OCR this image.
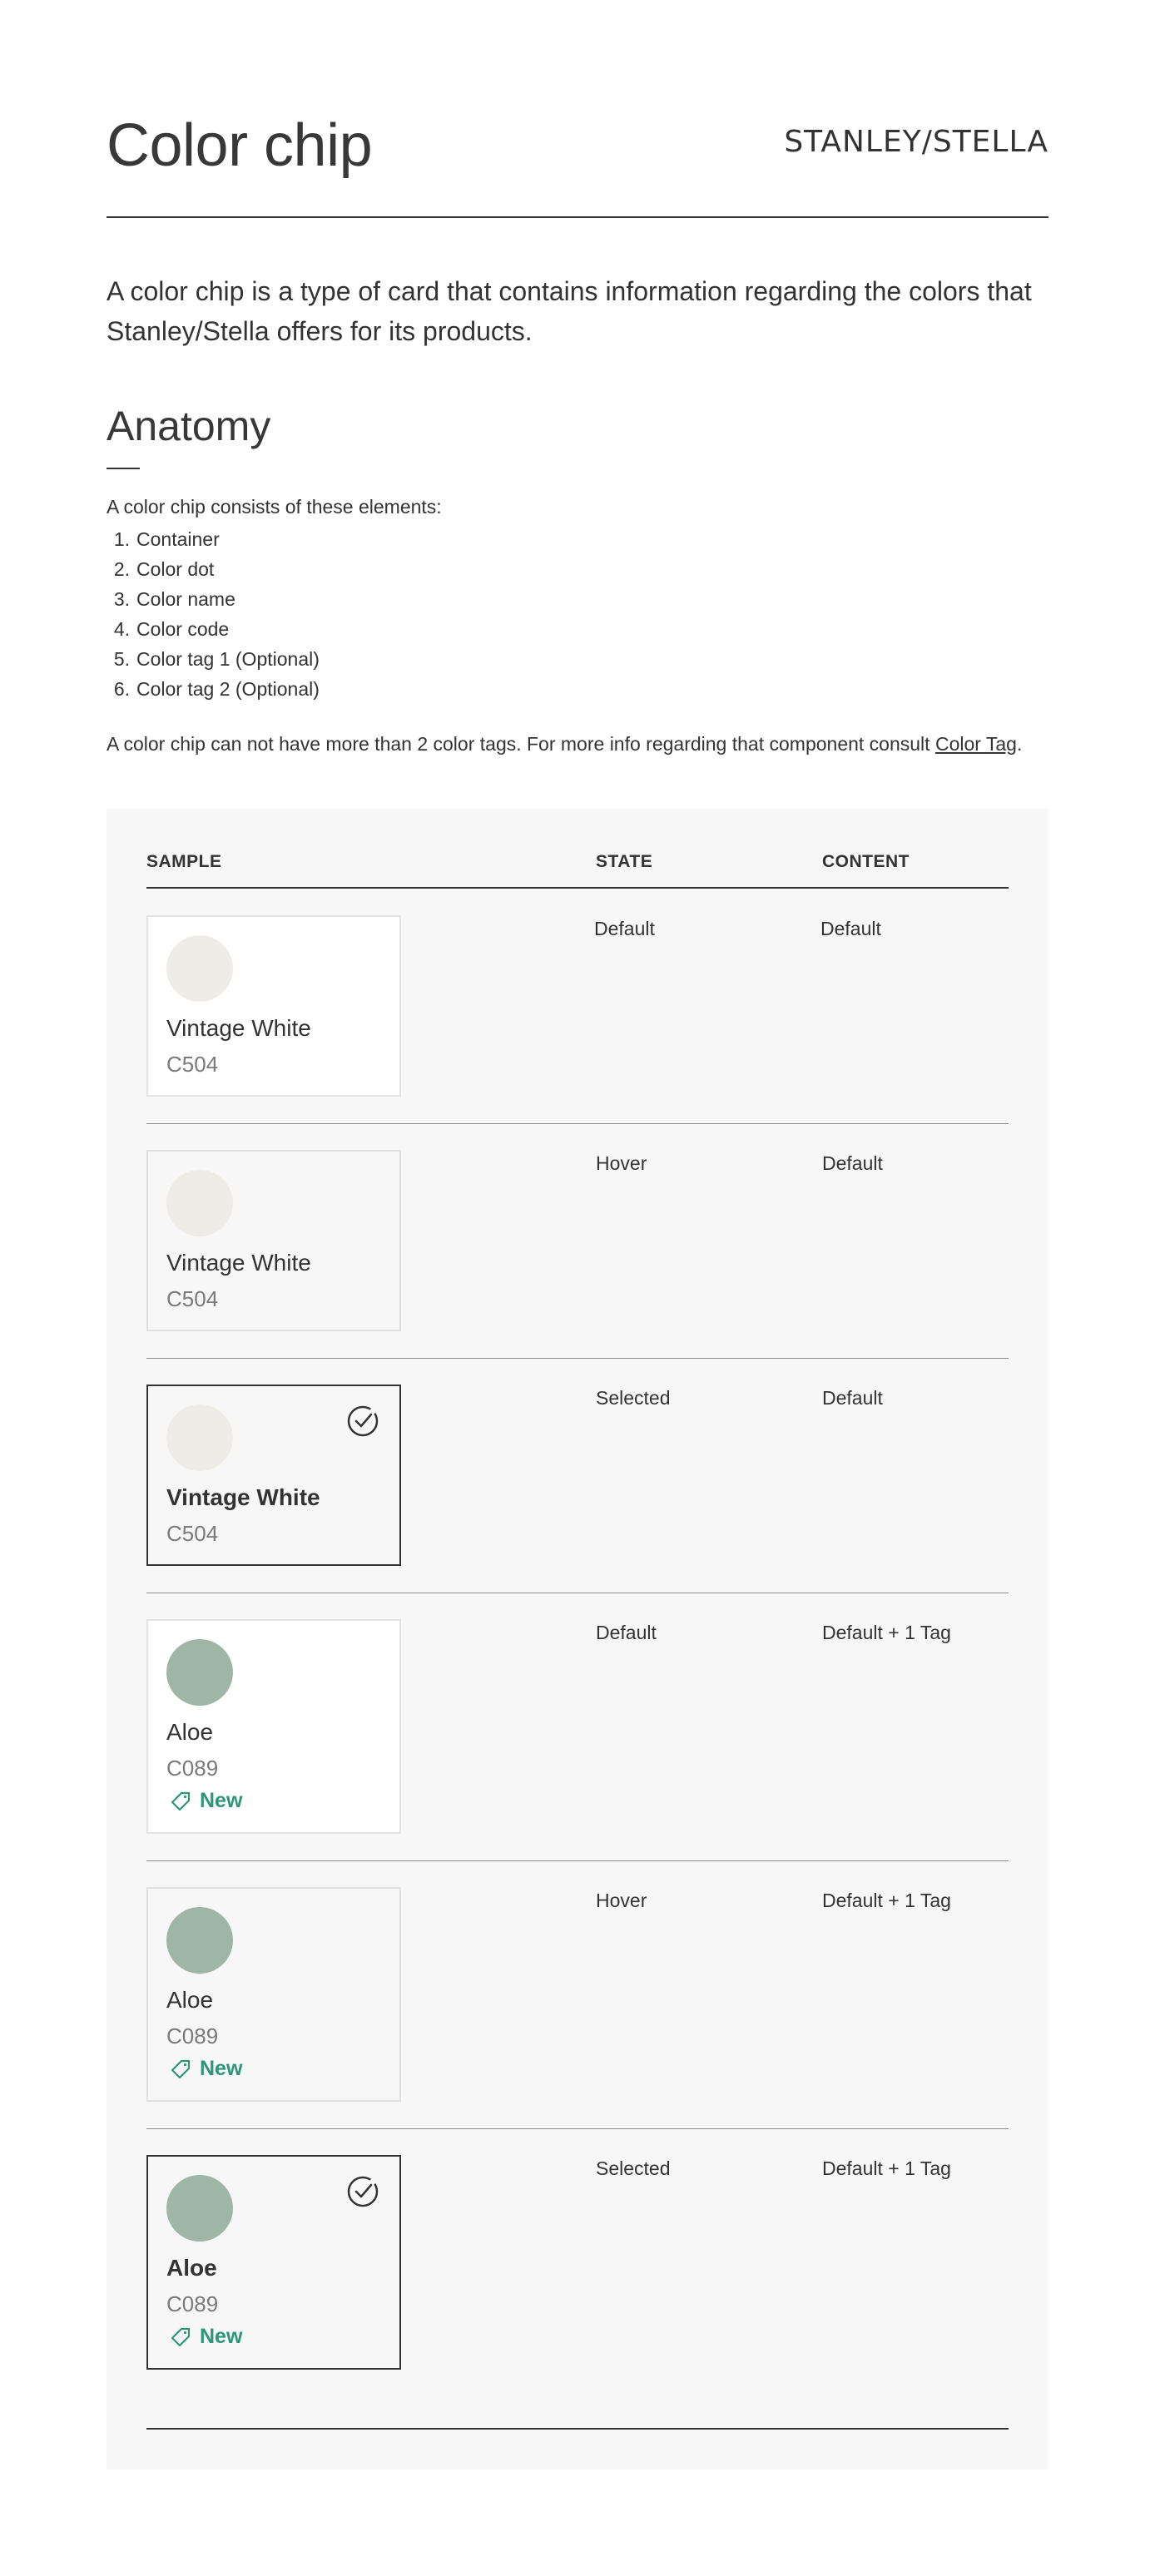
Color chip	STANLEY/STELLA

A color chip is a type of card that contains information regarding the colors that Stanley/Stella offers for its products.

Anatomy

A color chip consists of these elements:

1. Container
2. Color dot
3. Color name
4. Color code
5. Color tag 1 (Optional)
6. Color tag 2 (Optional)

A color chip can not have more than 2 color tags. For more info regarding that component consult Color Tag.

SAMPLE	STATE	CONTENT
Vintage White
C504
Default	Default
Vintage White
C504
Hover	Default
Vintage White
C504
Selected	Default
Aloe
C089
New
Default	Default + 1 Tag
Aloe
C089
New
Hover	Default + 1 Tag
Aloe
C089
New
Selected	Default + 1 Tag
